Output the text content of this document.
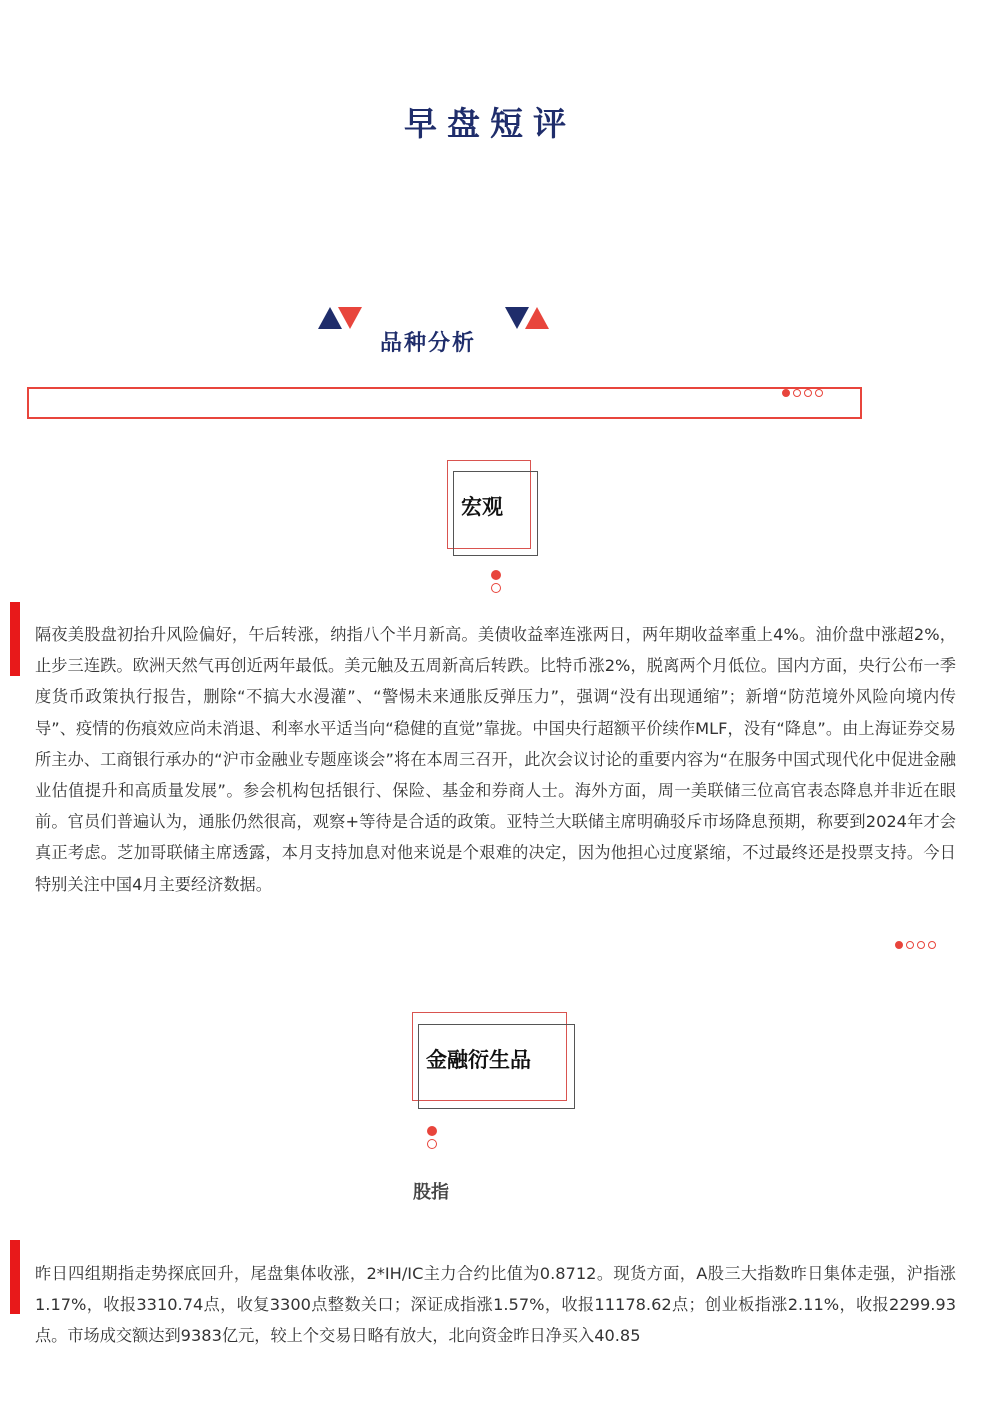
早盘短评
品种分析
宏观

隔夜美股盘初抬升风险偏好，午后转涨，纳指八个半月新高。美债收益率连涨两日，两年期收益率重上4%。油价盘中涨超2%，止步三连跌。欧洲天然气再创近两年最低。美元触及五周新高后转跌。比特币涨2%，脱离两个月低位。国内方面，央行公布一季度货币政策执行报告，删除“不搞大水漫灌”、“警惕未来通胀反弹压力”，强调“没有出现通缩”；新增“防范境外风险向境内传导”、疫情的伤痕效应尚未消退、利率水平适当向“稳健的直觉”靠拢。中国央行超额平价续作MLF，没有“降息”。由上海证券交易所主办、工商银行承办的“沪市金融业专题座谈会”将在本周三召开，此次会议讨论的重要内容为“在服务中国式现代化中促进金融业估值提升和高质量发展”。参会机构包括银行、保险、基金和券商人士。海外方面，周一美联储三位高官表态降息并非近在眼前。官员们普遍认为，通胀仍然很高，观察+等待是合适的政策。亚特兰大联储主席明确驳斥市场降息预期，称要到2024年才会真正考虑。芝加哥联储主席透露，本月支持加息对他来说是个艰难的决定，因为他担心过度紧缩，不过最终还是投票支持。今日特别关注中国4月主要经济数据。

金融衍生品
股指

昨日四组期指走势探底回升，尾盘集体收涨，2*IH/IC主力合约比值为0.8712。现货方面，A股三大指数昨日集体走强，沪指涨1.17%，收报3310.74点，收复3300点整数关口；深证成指涨1.57%，收报11178.62点；创业板指涨2.11%，收报2299.93点。市场成交额达到9383亿元，较上个交易日略有放大，北向资金昨日净买入40.85
